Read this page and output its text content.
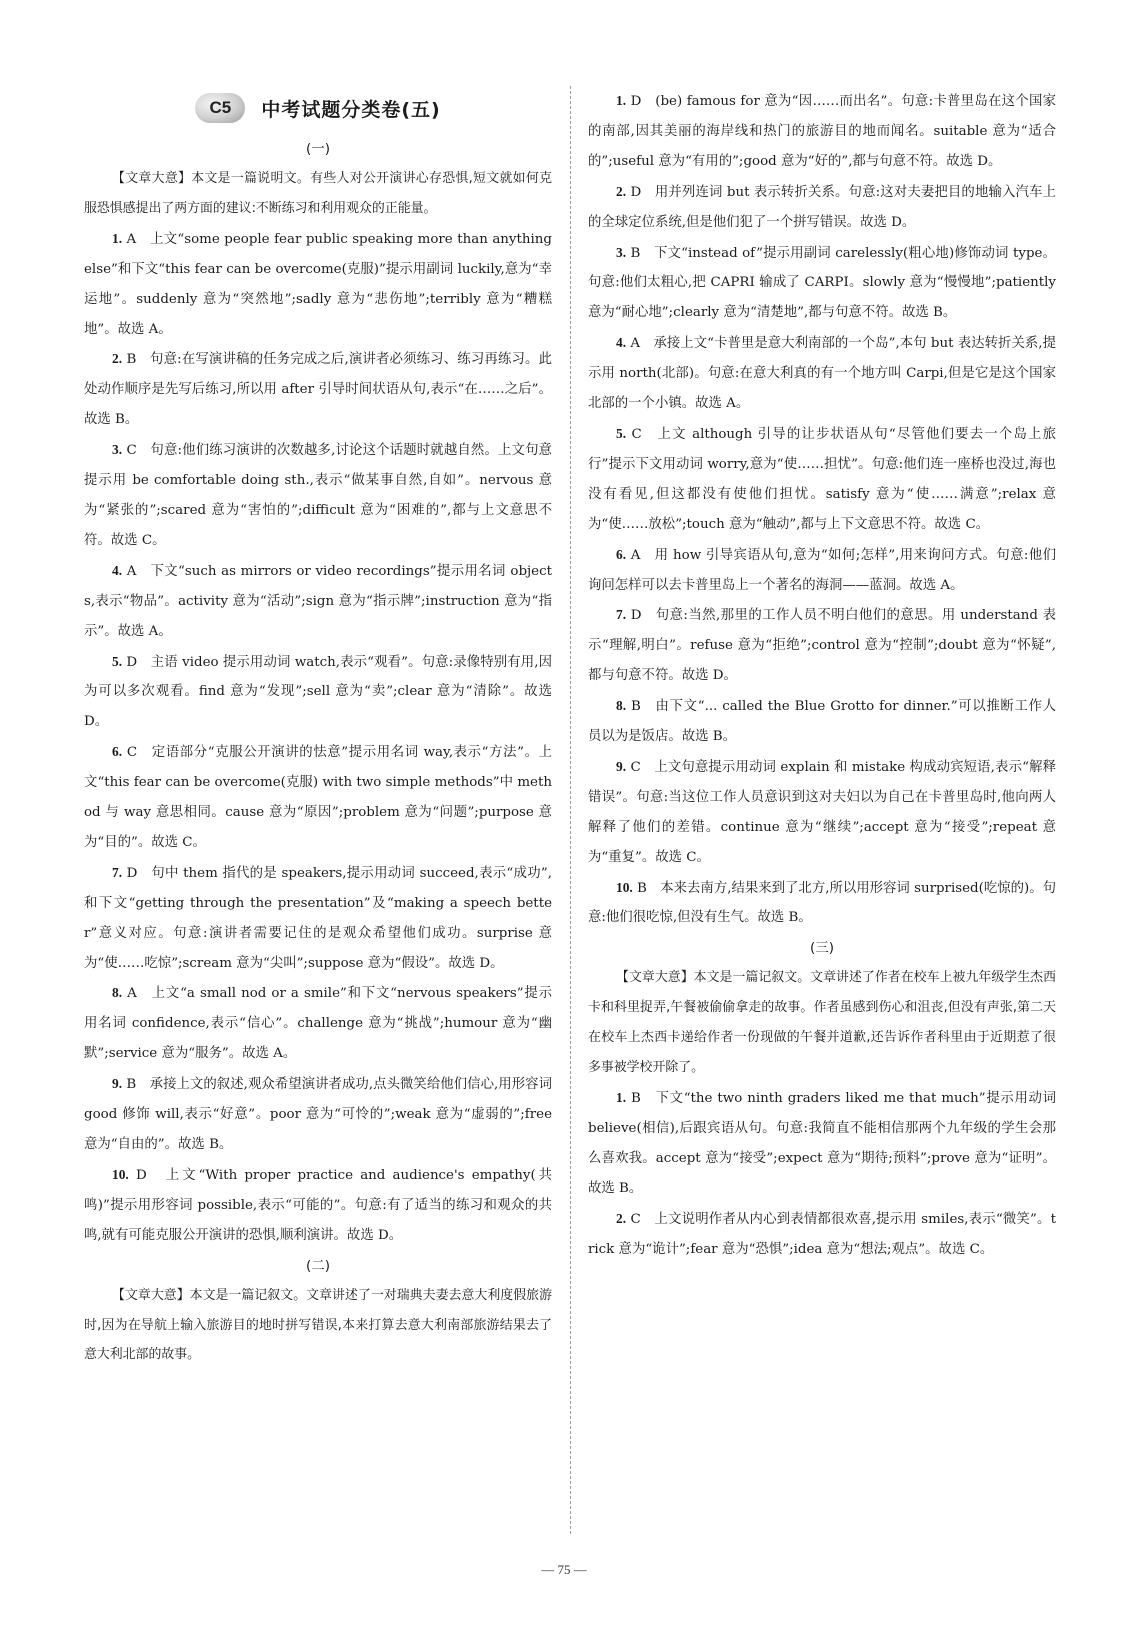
C5	中考试题分类卷(五)
(一)

【文章大意】本文是一篇说明文。有些人对公开演讲心存恐惧,短文就如何克服恐惧感提出了两方面的建议:不断练习和利用观众的正能量。

1. A　上文“some people fear public speaking more than anything else”和下文“this fear can be overcome(克服)”提示用副词 luckily,意为“幸运地”。suddenly 意为“突然地”;sadly 意为“悲伤地”;terribly 意为“糟糕地”。故选 A。

2. B　句意:在写演讲稿的任务完成之后,演讲者必须练习、练习再练习。此处动作顺序是先写后练习,所以用 after 引导时间状语从句,表示“在……之后”。故选 B。

3. C　句意:他们练习演讲的次数越多,讨论这个话题时就越自然。上文句意提示用 be comfortable doing sth.,表示“做某事自然,自如”。nervous 意为“紧张的”;scared 意为“害怕的”;difficult 意为“困难的”,都与上文意思不符。故选 C。

4. A　下文“such as mirrors or video recordings”提示用名词 objects,表示“物品”。activity 意为“活动”;sign 意为“指示牌”;instruction 意为“指示”。故选 A。

5. D　主语 video 提示用动词 watch,表示“观看”。句意:录像特别有用,因为可以多次观看。find 意为“发现”;sell 意为“卖”;clear 意为“清除”。故选 D。

6. C　定语部分“克服公开演讲的怯意”提示用名词 way,表示“方法”。上文“this fear can be overcome(克服) with two simple methods”中 method 与 way 意思相同。cause 意为“原因”;problem 意为“问题”;purpose 意为“目的”。故选 C。

7. D　句中 them 指代的是 speakers,提示用动词 succeed,表示“成功”,和下文“getting through the presentation”及“making a speech better”意义对应。句意:演讲者需要记住的是观众希望他们成功。surprise 意为“使……吃惊”;scream 意为“尖叫”;suppose 意为“假设”。故选 D。

8. A　上文“a small nod or a smile”和下文“nervous speakers”提示用名词 confidence,表示“信心”。challenge 意为“挑战”;humour 意为“幽默”;service 意为“服务”。故选 A。

9. B　承接上文的叙述,观众希望演讲者成功,点头微笑给他们信心,用形容词 good 修饰 will,表示“好意”。poor 意为“可怜的”;weak 意为“虚弱的”;free 意为“自由的”。故选 B。

10. D　上文“With proper practice and audience's empathy(共鸣)”提示用形容词 possible,表示“可能的”。句意:有了适当的练习和观众的共鸣,就有可能克服公开演讲的恐惧,顺利演讲。故选 D。

(二)

【文章大意】本文是一篇记叙文。文章讲述了一对瑞典夫妻去意大利度假旅游时,因为在导航上输入旅游目的地时拼写错误,本来打算去意大利南部旅游结果去了意大利北部的故事。

1. D　(be) famous for 意为“因……而出名”。句意:卡普里岛在这个国家的南部,因其美丽的海岸线和热门的旅游目的地而闻名。suitable 意为“适合的”;useful 意为“有用的”;good 意为“好的”,都与句意不符。故选 D。

2. D　用并列连词 but 表示转折关系。句意:这对夫妻把目的地输入汽车上的全球定位系统,但是他们犯了一个拼写错误。故选 D。

3. B　下文“instead of”提示用副词 carelessly(粗心地)修饰动词 type。句意:他们太粗心,把 CAPRI 输成了 CARPI。slowly 意为“慢慢地”;patiently 意为“耐心地”;clearly 意为“清楚地”,都与句意不符。故选 B。

4. A　承接上文“卡普里是意大利南部的一个岛”,本句 but 表达转折关系,提示用 north(北部)。句意:在意大利真的有一个地方叫 Carpi,但是它是这个国家北部的一个小镇。故选 A。

5. C　上文 although 引导的让步状语从句“尽管他们要去一个岛上旅行”提示下文用动词 worry,意为“使……担忧”。句意:他们连一座桥也没过,海也没有看见,但这都没有使他们担忧。satisfy 意为“使……满意”;relax 意为“使……放松”;touch 意为“触动”,都与上下文意思不符。故选 C。

6. A　用 how 引导宾语从句,意为“如何;怎样”,用来询问方式。句意:他们询问怎样可以去卡普里岛上一个著名的海洞——蓝洞。故选 A。

7. D　句意:当然,那里的工作人员不明白他们的意思。用 understand 表示“理解,明白”。refuse 意为“拒绝”;control 意为“控制”;doubt 意为“怀疑”,都与句意不符。故选 D。

8. B　由下文“... called the Blue Grotto for dinner.”可以推断工作人员以为是饭店。故选 B。

9. C　上文句意提示用动词 explain 和 mistake 构成动宾短语,表示“解释错误”。句意:当这位工作人员意识到这对夫妇以为自己在卡普里岛时,他向两人解释了他们的差错。continue 意为“继续”;accept 意为“接受”;repeat 意为“重复”。故选 C。

10. B　本来去南方,结果来到了北方,所以用形容词 surprised(吃惊的)。句意:他们很吃惊,但没有生气。故选 B。

(三)

【文章大意】本文是一篇记叙文。文章讲述了作者在校车上被九年级学生杰西卡和科里捉弄,午餐被偷偷拿走的故事。作者虽感到伤心和沮丧,但没有声张,第二天在校车上杰西卡递给作者一份现做的午餐并道歉,还告诉作者科里由于近期惹了很多事被学校开除了。

1. B　下文“the two ninth graders liked me that much”提示用动词 believe(相信),后跟宾语从句。句意:我简直不能相信那两个九年级的学生会那么喜欢我。accept 意为“接受”;expect 意为“期待;预料”;prove 意为“证明”。故选 B。

2. C　上文说明作者从内心到表情都很欢喜,提示用 smiles,表示“微笑”。trick 意为“诡计”;fear 意为“恐惧”;idea 意为“想法;观点”。故选 C。

— 75 —
